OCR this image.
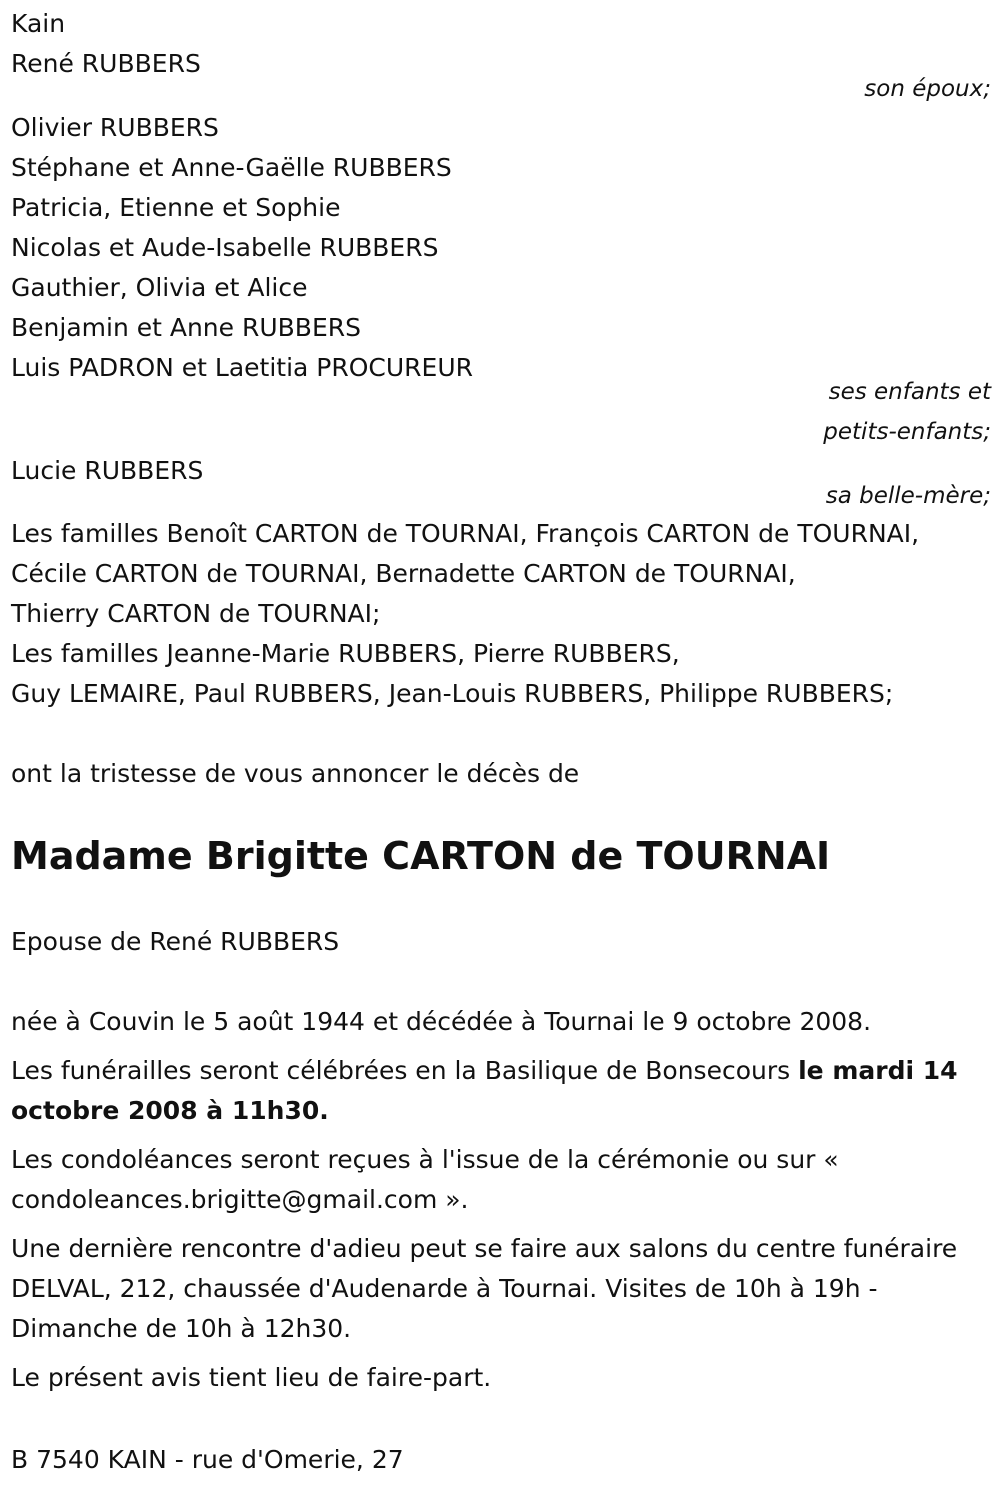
Kain
René RUBBERS
son époux;
Olivier RUBBERS
Stéphane et Anne-Gaëlle RUBBERS
Patricia, Etienne et Sophie
Nicolas et Aude-Isabelle RUBBERS
Gauthier, Olivia et Alice
Benjamin et Anne RUBBERS
Luis PADRON et Laetitia PROCUREUR
ses enfants et
petits-enfants;
Lucie RUBBERS
sa belle-mère;
Les familles Benoît CARTON de TOURNAI, François CARTON de TOURNAI,
Cécile CARTON de TOURNAI, Bernadette CARTON de TOURNAI,
Thierry CARTON de TOURNAI;
Les familles Jeanne-Marie RUBBERS, Pierre RUBBERS,
Guy LEMAIRE, Paul RUBBERS, Jean-Louis RUBBERS, Philippe RUBBERS;
ont la tristesse de vous annoncer le décès de
Madame Brigitte CARTON de TOURNAI
Epouse de René RUBBERS
née à Couvin le 5 août 1944 et décédée à Tournai le 9 octobre 2008.
Les funérailles seront célébrées en la Basilique de Bonsecours le mardi 14 octobre 2008 à 11h30.
Les condoléances seront reçues à l'issue de la cérémonie ou sur « condoleances.brigitte@gmail.com ».
Une dernière rencontre d'adieu peut se faire aux salons du centre funéraire DELVAL, 212, chaussée d'Audenarde à Tournai. Visites de 10h à 19h - Dimanche de 10h à 12h30.
Le présent avis tient lieu de faire-part.
B 7540 KAIN - rue d'Omerie, 27
